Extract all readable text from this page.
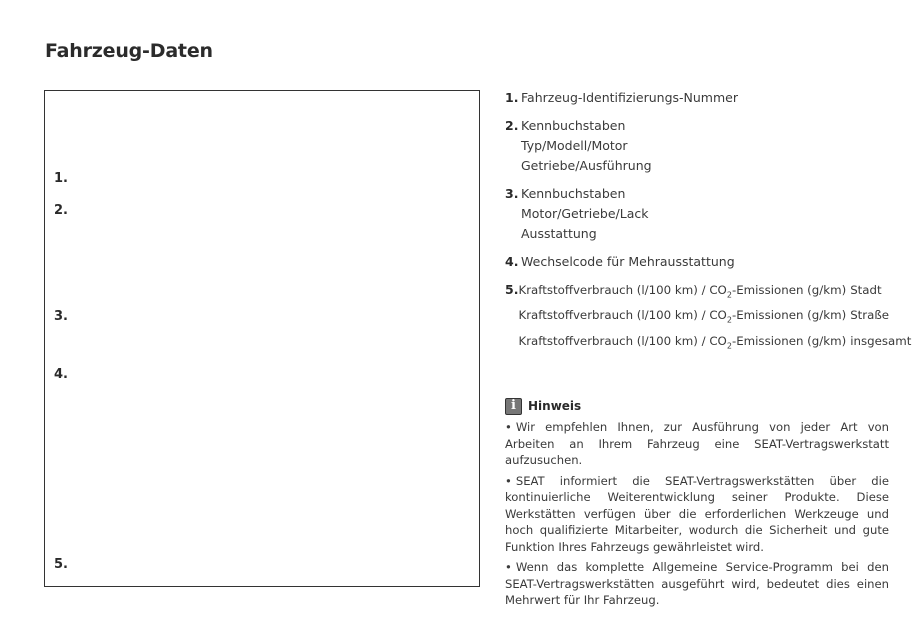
Fahrzeug-Daten
1.
2.
3.
4.
5.
1. Fahrzeug-Identifizierungs-Nummer
2. Kennbuchstaben
Typ/Modell/Motor
Getriebe/Ausführung
3. Kennbuchstaben
Motor/Getriebe/Lack
Ausstattung
4. Wechselcode für Mehrausstattung
5. Kraftstoffverbrauch (l/100 $km) / CO_2$-Emissionen (g/km) Stadt
Kraftstoffverbrauch (l/100 $km) / CO_2$-Emissionen (g/km) Straße
Kraftstoffverbrauch (l/100 $km) / CO_2$-Emissionen (g/km) insgesamt
i	Hinweis

• Wir empfehlen Ihnen, zur Ausführung von jeder Art von Arbeiten an Ihrem Fahrzeug eine SEAT-Vertragswerkstatt aufzusuchen.

• SEAT informiert die SEAT-Vertragswerkstätten über die kontinuierliche Weiterentwicklung seiner Produkte. Diese Werkstätten verfügen über die erforderlichen Werkzeuge und hoch qualifizierte Mitarbeiter, wodurch die Sicherheit und gute Funktion Ihres Fahrzeugs gewährleistet wird.

• Wenn das komplette Allgemeine Service-Programm bei den SEAT-Vertragswerkstätten ausgeführt wird, bedeutet dies einen Mehrwert für Ihr Fahrzeug.
